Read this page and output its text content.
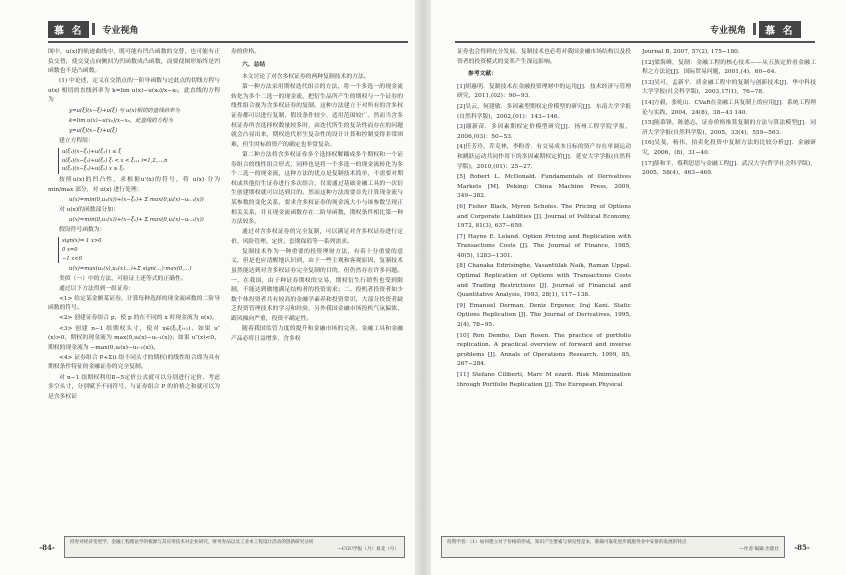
慕 名	专业视角

图中，u(x)的轨迹曲线中，既可能有凹凸函数的交替，也可能有正负交替，使交变点向侧回为凹函数成凸函数，而要使图形始终是凹函数也不是凸函数。

(1) 中论述，定义在交错点的一阶导函数与过此点的切线方程与 u(x) 相切的直线斜率为 k=lim u(x)−u(x₀)/x−x₀，此直线的方程为

y=u(ξ)(x−ξ)+u(ξ) 与 u(x)相切的直线斜率为

k=lim u(x)−u(x₀)/x−x₀，此直线的方程为

y=u(ξ)(x−ξ)+u(ξ)

建立方程组：

u(ξ₁)(x−ξ₁)+u(ξ₁) i ≤ ξ
u(ξ₂)(x−ξ₂)+u(ξ₂) ξᵢ < x < ξᵢ₊₁ i=1,2,…,n
u(ξₙ)(x−ξₙ)+u(ξₙ) x ≥ ξₙ

按照u(x)的凹凸性，求根据u'(x)的符号，将 u(x) 分为 min/max 部分，对 u(x) 进行处理：

u(x)=min(0,u₁(x))+(x−ξ₁)+ Σ max(0,uᵢ(x)−uᵢ₋₁(x))

对 u(x)的函数部分加：

u(x)=min(0,u₁(x))+(x−ξ₁)+ Σ max(0,uᵢ(x)−uᵢ₋₁(x))

假设符号函数为：

sign(x)= 1 x>0
0 x=0
−1 x<0

u(x)=max(u₁(x),u₂(x)…)+Σ sign(…)·max(0,…)

类似（一）中的方法，可验证上述等式的正确性。

通过以下方法得到一组证券：

<1> 给定某金额某证券，计算每种选择的现金流函数的二阶导函数的符号。

<2> 创建证券组合 p，使 p 的在不同的 x 时现金流为 u(x)。

<3> 创建 n−1 组期权头寸，使对 x∈(ξᵢ,ξᵢ₊₁)，如果 u″(x)>0，期权的现金流为 max(0,uᵢ(x)−uᵢ₋₁(x))；如果 u″(x)<0，期权的现金流为 −max(0,uᵢ(x)−uᵢ₋₁(x))。

<4> 证券组合 P+Σ(i 组不同头寸的期权)的线性组合即为具有期权条件特征的金融证券的完全复制。

对 n−1 组期权利用Ⅱ−5定价公式就可以分别进行定价，考虑多空头寸，分别赋予不同符号，与证券组合 P 的价格之和就可以为是含多权证

券的价格。

六、总结

本文讨论了对含多权证券的两种复制技术的方法。

第一种方法采用期权迭代组合的方法，将一个多选一的现金流转化为多个二选一的现金流，把衍生品所产生的期权与一个证券的线性组合视为含多权证券的复制。这种方法建立于对所有的含多权证券都可以进行复制，假设条件较少，适用范围较广。然而当含多权证券所含选择权数量较多时，由迭代所生的复杂性而存在的问题就会凸显出来，期权迭代形生复杂性的设计计算和控制变得非常困难，但生时标的资产的确定也非常复杂。

第二种方法将含多权证券多个选择权解耦成多个期权和一个证券组合的线性组合形式，同样也是将一个多选一的现金流转化为多个二选一的现金流，这种方法的优点是复制技术简单，不需要对期权或其他衍生证券进行多次组合，仅需通过基础金融工具的一次衍生创建期权就可以达到目的。然而这种方法需要首先计算现金流与某参数的变化关系，要求含多权证券的现金流大小与该参数呈现正相关关系，并且现金流函数存在二阶导函数，期权条件相比第一种方法较多。

通过对含多权证券的完全复制，可以满足对含多权证券进行定价、风险管理、定价、套期保值等一系列需求。

复制技术作为一种重要的投资理财方法，有着十分重要的意义，但是也应清醒地认识到，由于一些主观和客观原因，复制技术虽然能达到对含多权证券完全复制的目的，但仍然存在许多问题。一、在我国，由于种证券期权的交易，期权衍生行销售也受到限制，不能达到做地满足结构者的投资需求；二、投机者投资者如少数个体投资者共有较高的金融学素养和投资常识，大部分投资者缺乏投资管理技术的学习和经验，另外我国金融市场投机气氛偏浓、跟风操向严重，投资不确定性。

随着我国监管力度的提升和金融市场的完善，金融工具和金融产品必将日益增多，含多权

-84-	持券对经济变更学，金融工程理论学的根源与其应用技术对企业研究，财务券品以及工业本工程设计活动的创新研究分析
—CGU学报（月）易北（号）
专业视角	慕 名

证券也会得到充分发展，复制技术也必将对我国金融市场结构以及投资者的投资模式的变革产生深远影响。

参考文献：

[1]胡惠明．复制技术在金融投资理财中的运用[J]．技术经济与管理研究，2011,(02)：90−93．

[2]吴云，何建敏．多因素型期权定价模型的研究[J]．东南大学学报(自然科学版)，2002,(01)：143−146．

[3]谢新苗．多因素期权定价模型研究[J]．扬州工程学院学报，2006,(03)：50−53．

[4]任芳玲，乔克林，李粉香．有交易成本且标的资产存在单调运动和跳跃运动共同作用下的多因素期权定价[J]．延安大学学报(自然科学版)，2010,(01)：25−27．

[5] Robert L. McDonald. Fundamentals of Derivatives Markets [M]. Peking: China Machine Press, 2009, 349−382.

[6] Fisher Black, Myron Scholes. The Pricing of Options and Corporate Liabilities [J]. Journal of Political Economy, 1972, 81(3), 637−659.

[7] Hayne E. Leland. Option Pricing and Replication with Transactions Costs [J]. The Journal of Finance, 1985, 40(5), 1283−1301.

[8] Chanaka Edirisinghe, Vasanttilak Naik, Raman Uppal. Optimal Replication of Options with Transactions Costs and Trading Restrictions [J]. Journal of Financial and Quantitative Analysis, 1993, 28(1), 117−138.

[9] Emanuel Derman, Deniz Ergener, Iraj Kani. Static Options Replication [J]. The Journal of Derivatives, 1995, 2(4), 78−95.

[10] Ron Dembo, Dan Rosen. The practice of portfolio replication. A practical overview of forward and inverse problems [J]. Annals of Operations Research, 1999, 85, 267−284.

[11] Stefano Ciliberti, Marc M ezard. Risk Minimization through Portfolio Replication [J]. The European Physical

Journal B, 2007, 57(2), 175−180.

[12]梁海峰，复制：金融工程的核心技术——从五族定价看金融工程之方法论[J]．国际贸易问题，2001,(4)，60−64．

[13]吴可，孟新平．质金融工程中的复制与创新技术[J]．华中科技大学学报(社会科学版)，2003,17(1)，76−78．

[14]方毅，张屹山．CVaR在金融工具复制上的应用[J]．系统工程理论与实践，2004，24(8)，38−43 140．

[15]陈慕锋，陈德志，证券价格推算复制的方法与算法模型[J]．同济大学学报(自然科学版)，2005，33(4)，559−563．

[16]吴斐，杨伟，拍卖化投资中复制方法的比较分析[J]．金融研究，2006，(8)，31−40．

[17]薛和平，蔡利思思与金融工程[J]．武汉大学(哲学社会科学版)，2005，58(4)，463−469．

投资学者：（1）如何建立对于价格的形成，知识产生要素与预见性是本，准确可靠化进步就服务业中安排的发展的特点
—作者·编辑·出版社	-85-
